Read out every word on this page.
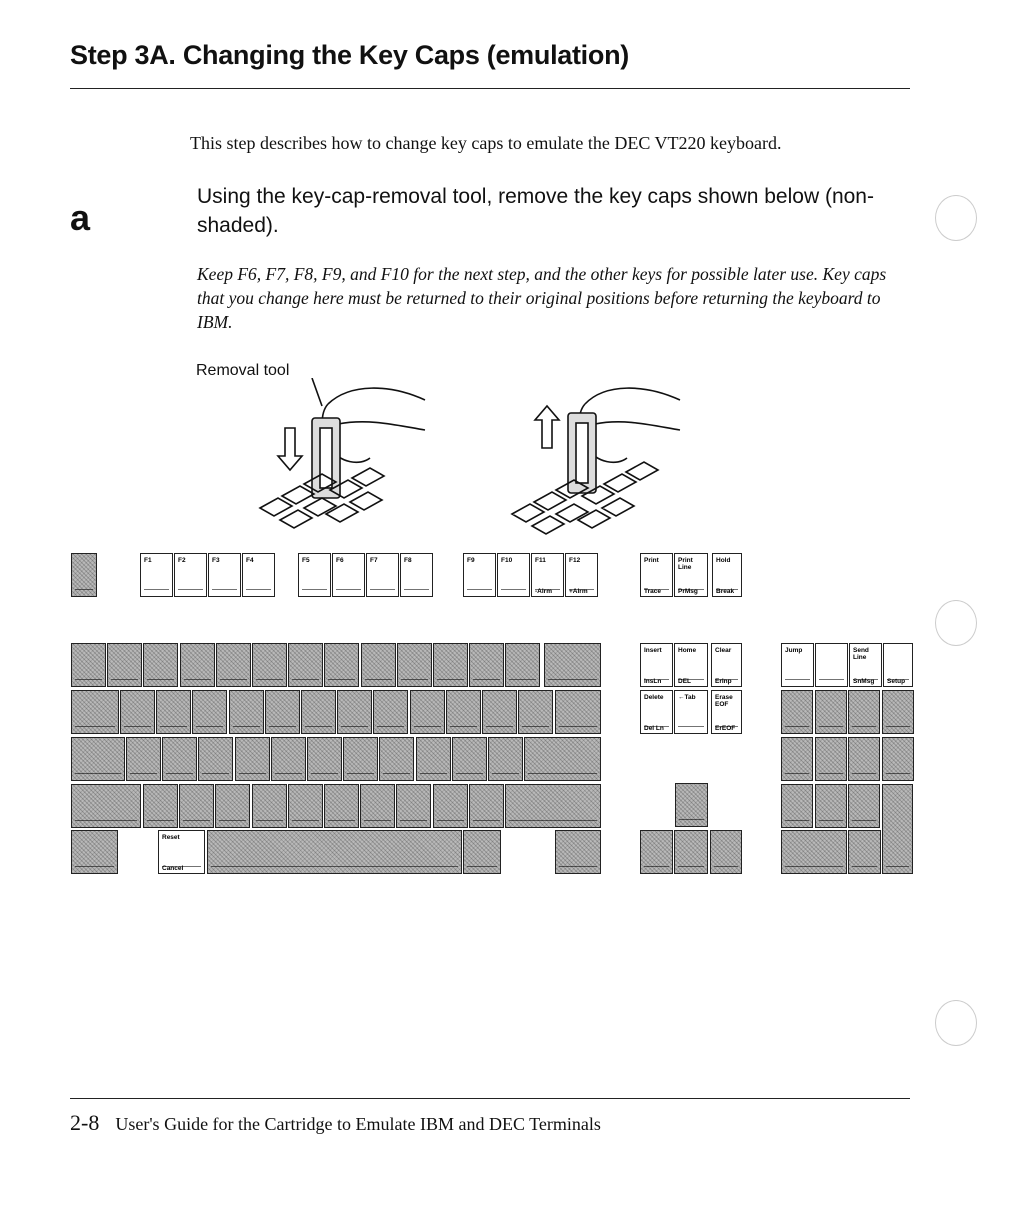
Step 3A. Changing the Key Caps (emulation)

This step describes how to change key caps to emulate the DEC VT220 keyboard.

a

Using the key-cap-removal tool, remove the key caps shown below (non-shaded).

Keep F6, F7, F8, F9, and F10 for the next step, and the other keys for possible later use. Key caps that you change here must be returned to their original positions before returning the keyboard to IBM.

Removal tool
F1	F2	F3	F4	F5	F6	F7	F8	F9	F10	F11
-Alrm
F12
+Alrm
Print
Trace
Print Line
PrMsg
Hold
Break
Reset
Cancel
Insert
InsLn
Home
DEL
Clear
ErInp
Delete
Del Ln
←Tab	Erase EOF
ErEOF
Jump	Send Line
SnMsg Setup

2-8 User's Guide for the Cartridge to Emulate IBM and DEC Terminals
